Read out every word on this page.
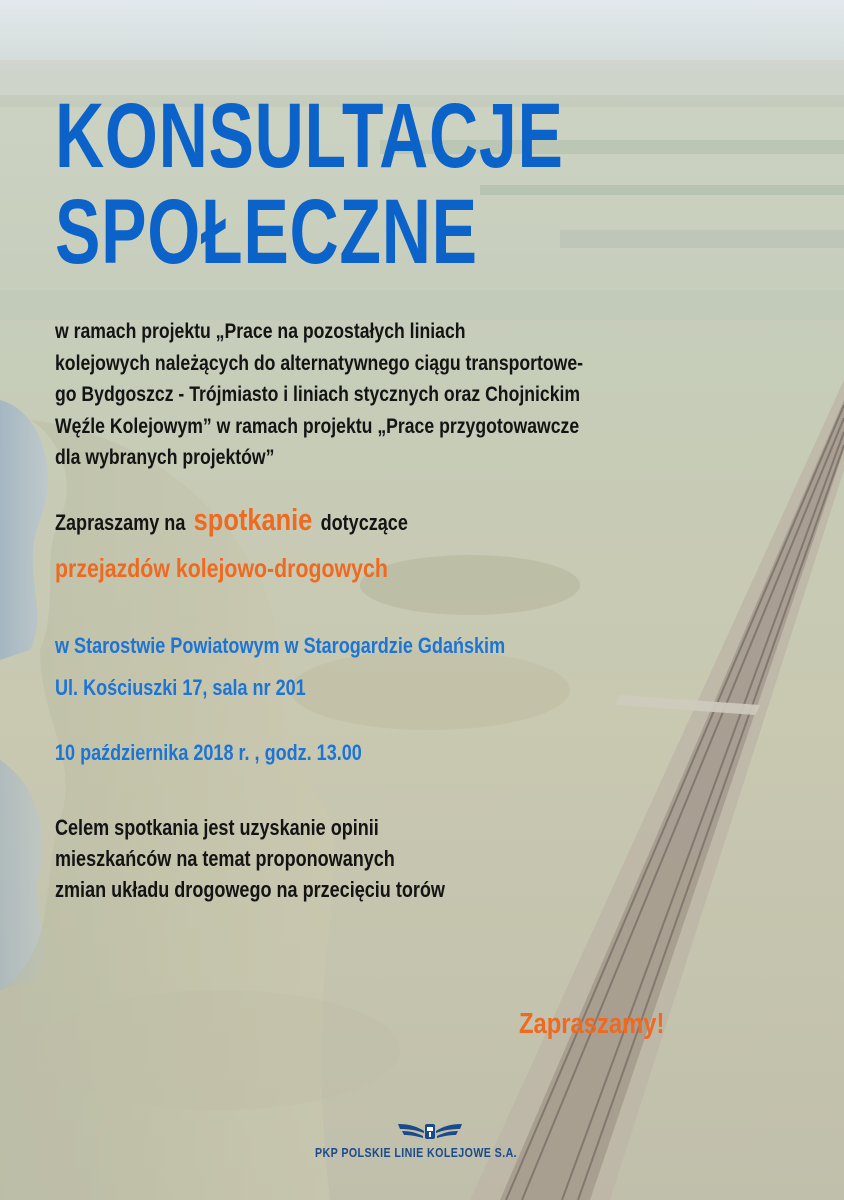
KONSULTACJE
SPOŁECZNE
w ramach projektu „Prace na pozostałych liniach
kolejowych należących do alternatywnego ciągu transportowe-
go Bydgoszcz - Trójmiasto i liniach stycznych oraz Chojnickim
Węźle Kolejowym” w ramach projektu „Prace przygotowawcze
dla wybranych projektów”
Zapraszamy na spotkanie dotyczące
przejazdów kolejowo-drogowych
w Starostwie Powiatowym w Starogardzie Gdańskim
Ul. Kościuszki 17, sala nr 201
10 października 2018 r. , godz. 13.00
Celem spotkania jest uzyskanie opinii
mieszkańców na temat proponowanych
zmian układu drogowego na przecięciu torów
Zapraszamy!
PKP POLSKIE LINIE KOLEJOWE S.A.
